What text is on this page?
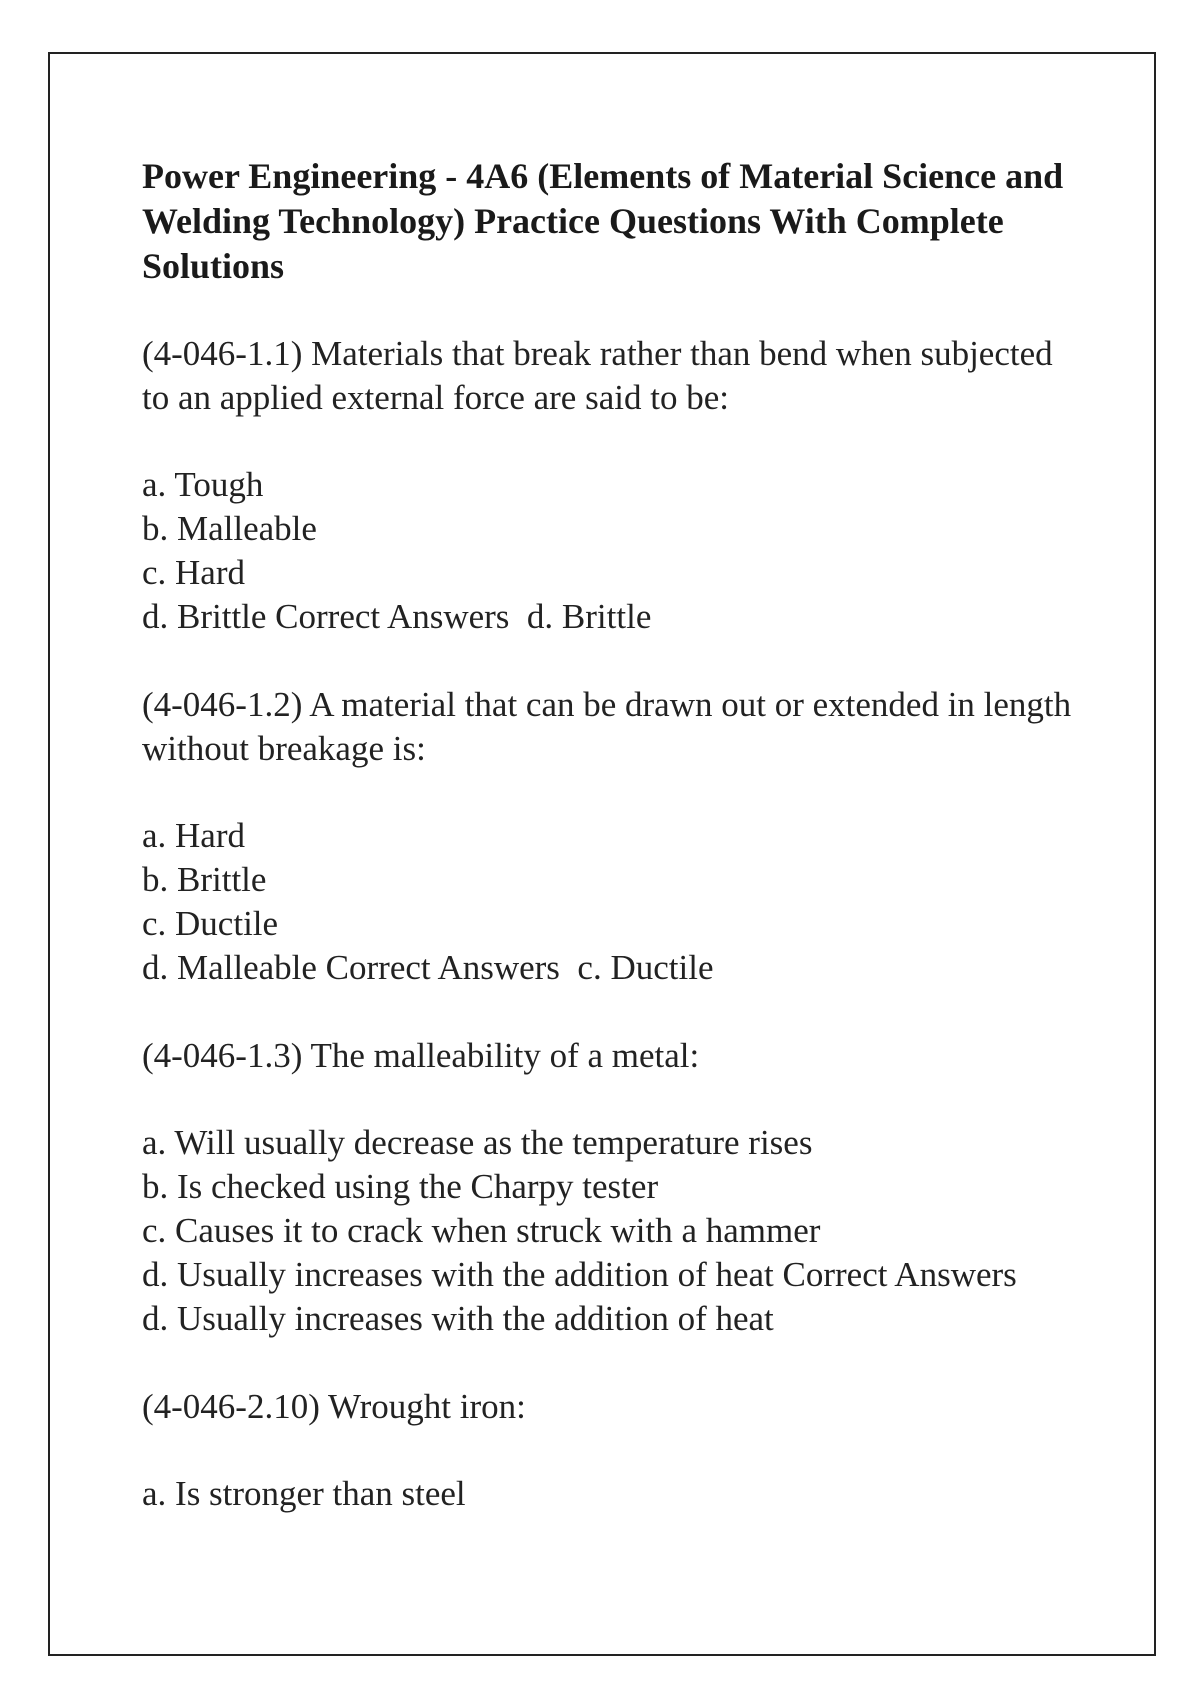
Power Engineering - 4A6 (Elements of Material Science and Welding Technology) Practice Questions With Complete Solutions
(4-046-1.1) Materials that break rather than bend when subjected to an applied external force are said to be:
a. Tough
b. Malleable
c. Hard
d. Brittle Correct Answers  d. Brittle
(4-046-1.2) A material that can be drawn out or extended in length without breakage is:
a. Hard
b. Brittle
c. Ductile
d. Malleable Correct Answers  c. Ductile
(4-046-1.3) The malleability of a metal:
a. Will usually decrease as the temperature rises
b. Is checked using the Charpy tester
c. Causes it to crack when struck with a hammer
d. Usually increases with the addition of heat Correct Answers
d. Usually increases with the addition of heat
(4-046-2.10) Wrought iron:
a. Is stronger than steel
